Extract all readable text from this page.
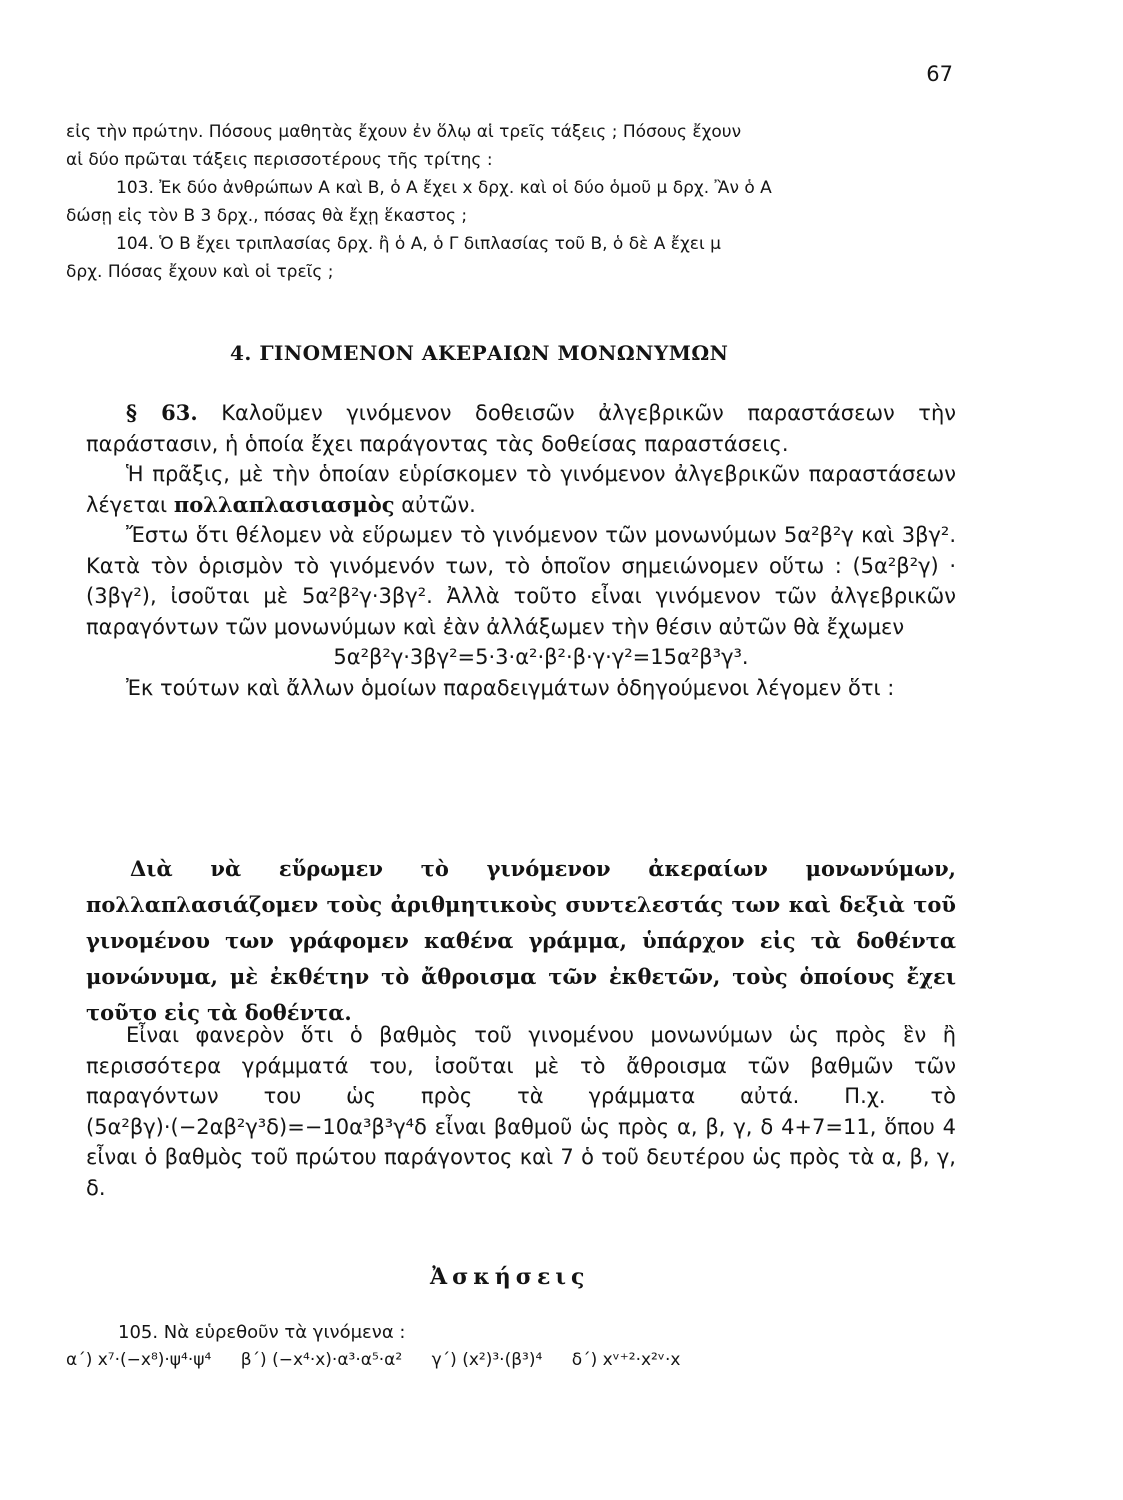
67
εἰς τὴν πρώτην. Πόσους μαθητὰς ἔχουν ἐν ὅλῳ αἱ τρεῖς τάξεις ; Πόσους ἔχουν
αἱ δύο πρῶται τάξεις περισσοτέρους τῆς τρίτης :
103. Ἐκ δύο ἀνθρώπων Α καὶ Β, ὁ Α ἔχει x δρχ. καὶ οἱ δύο ὁμοῦ μ δρχ. Ἂν ὁ Α
δώσῃ εἰς τὸν Β 3 δρχ., πόσας θὰ ἔχῃ ἕκαστος ;
104. Ὁ Β ἔχει τριπλασίας δρχ. ἢ ὁ Α, ὁ Γ διπλασίας τοῦ Β, ὁ δὲ Α ἔχει μ
δρχ. Πόσας ἔχουν καὶ οἱ τρεῖς ;
4. ΓΙΝΟΜΕΝΟΝ ΑΚΕΡΑΙΩΝ ΜΟΝΩΝΥΜΩΝ

§ 63. Καλοῦμεν γινόμενον δοθεισῶν ἀλγεβρικῶν παραστάσεων τὴν παράστασιν, ἡ ὁποία ἔχει παράγοντας τὰς δοθείσας παραστάσεις.

Ἡ πρᾶξις, μὲ τὴν ὁποίαν εὑρίσκομεν τὸ γινόμενον ἀλγεβρικῶν παραστάσεων λέγεται πολλαπλασιασμὸς αὐτῶν.

Ἔστω ὅτι θέλομεν νὰ εὕρωμεν τὸ γινόμενον τῶν μονωνύμων 5α²β²γ καὶ 3βγ². Κατὰ τὸν ὁρισμὸν τὸ γινόμενόν των, τὸ ὁποῖον σημειώνομεν οὕτω : (5α²β²γ) · (3βγ²), ἰσοῦται μὲ 5α²β²γ·3βγ². Ἀλλὰ τοῦτο εἶναι γινόμενον τῶν ἀλγεβρικῶν παραγόντων τῶν μονωνύμων καὶ ἐὰν ἀλλάξωμεν τὴν θέσιν αὐτῶν θὰ ἔχωμεν

5α²β²γ·3βγ²=5·3·α²·β²·β·γ·γ²=15α²β³γ³.

Ἐκ τούτων καὶ ἄλλων ὁμοίων παραδειγμάτων ὁδηγούμενοι λέγομεν ὅτι :

Διὰ νὰ εὕρωμεν τὸ γινόμενον ἀκεραίων μονωνύμων, πολλαπλασιάζομεν τοὺς ἀριθμητικοὺς συντελεστάς των καὶ δεξιὰ τοῦ γινομένου των γράφομεν καθένα γράμμα, ὑπάρχον εἰς τὰ δοθέντα μονώνυμα, μὲ ἐκθέτην τὸ ἄθροισμα τῶν ἐκθετῶν, τοὺς ὁποίους ἔχει τοῦτο εἰς τὰ δοθέντα.

Εἶναι φανερὸν ὅτι ὁ βαθμὸς τοῦ γινομένου μονωνύμων ὡς πρὸς ἓν ἢ περισσότερα γράμματά του, ἰσοῦται μὲ τὸ ἄθροισμα τῶν βαθμῶν τῶν παραγόντων του ὡς πρὸς τὰ γράμματα αὐτά. Π.χ. τὸ (5α²βγ)·(−2αβ²γ³δ)=−10α³β³γ⁴δ εἶναι βαθμοῦ ὡς πρὸς α, β, γ, δ 4+7=11, ὅπου 4 εἶναι ὁ βαθμὸς τοῦ πρώτου παράγοντος καὶ 7 ὁ τοῦ δευτέρου ὡς πρὸς τὰ α, β, γ, δ.

Ἀσκήσεις
105. Νὰ εὑρεθοῦν τὰ γινόμενα :
α΄) x⁷·(−x⁸)·ψ⁴·ψ⁴ β΄) (−x⁴·x)·α³·α⁵·α² γ΄) (x²)³·(β³)⁴ δ΄) xᵛ⁺²·x²ᵛ·x
